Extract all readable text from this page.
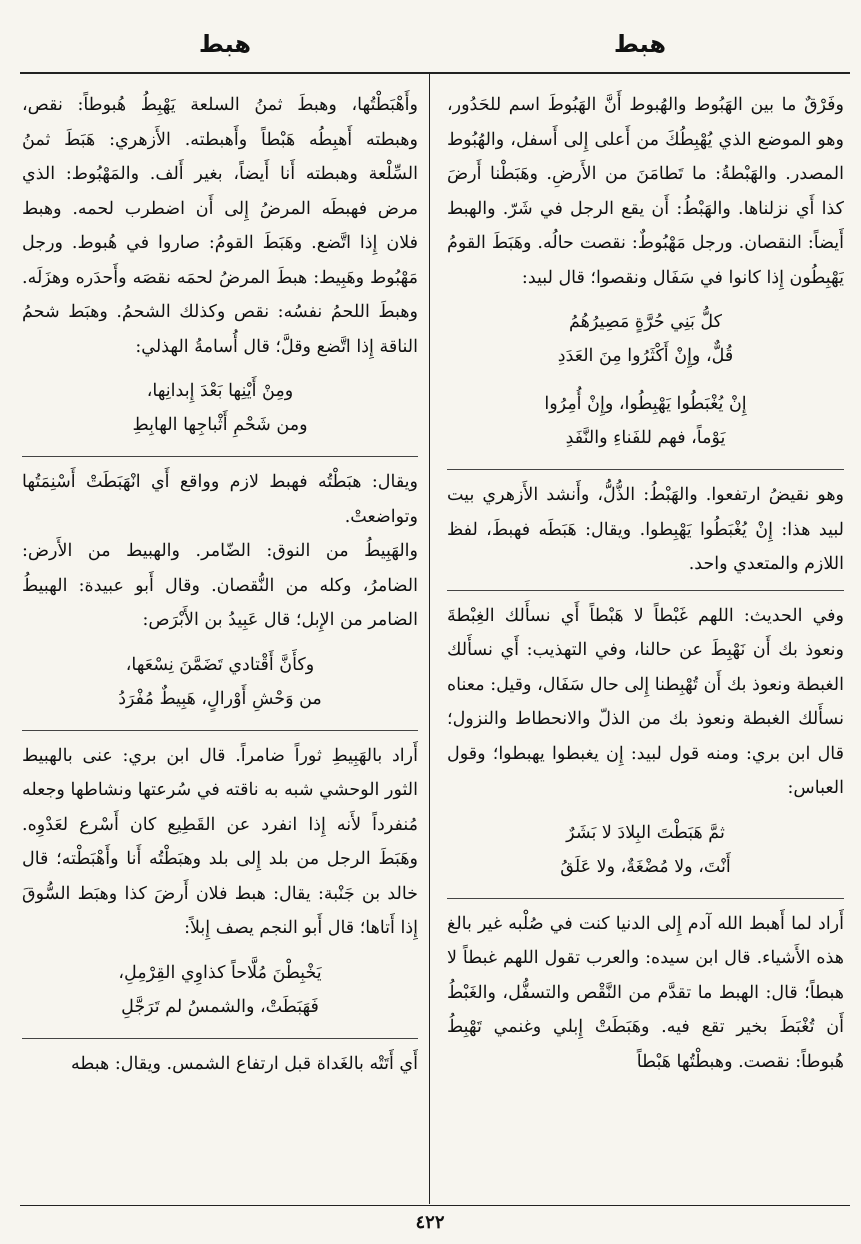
هبط
هبط

وفَرْقٌ ما بين الهَبُوط والهُبوط أَنَّ الهَبُوطَ اسم للحَدُور، وهو الموضع الذي يُهْبِطُكَ من أَعلى إِلى أَسفل، والهُبُوط المصدر. والهَبْطةُ: ما تَطامَنَ من الأَرضِ. وهَبَطْنا أَرضَ كذا أَي نزلناها. والهَبْطُ: أَن يقع الرجل في شَرّ. والهبط أَيضاً: النقصان. ورجل مَهْبُوطٌ: نقصت حالُه. وهَبَطَ القومُ يَهْبِطُون إِذا كانوا في سَفَال ونقصوا؛ قال لبيد:

كلُّ بَنِي حُرَّةٍ مَصِيرُهُمُ
قُلٌّ، وإِنْ أَكْثَرُوا مِنَ العَدَدِ
إِنْ يُغْبَطُوا يَهْبِطُوا، وإِنْ أُمِرُوا
يَوْماً، فهم للفَناءِ والنَّفَدِ

وهو نقيضُ ارتفعوا. والهَبْطُ: الذُّلُّ، وأَنشد الأَزهري بيت لبيد هذا: إِنْ يُغْبَطُوا يَهْبِطوا. ويقال: هَبَطَه فهبطَ، لفظ اللازم والمتعدي واحد.

وفي الحديث: اللهم غَبْطاً لا هَبْطاً أَي نسأَلك الغِبْطةَ ونعوذ بك أَن نَهْبِطَ عن حالنا، وفي التهذيب: أَي نسأَلك الغبطة ونعوذ بك أَن تُهْبِطنا إِلى حال سَفَال، وقيل: معناه نسأَلك الغبطة ونعوذ بك من الذلّ والانحطاط والنزول؛ قال ابن بري: ومنه قول لبيد: إِن يغبطوا يهبطوا؛ وقول العباس:

ثمَّ هَبَطْتَ البِلادَ لا بَشَرٌ
أَنْتَ، ولا مُضْغَةٌ، ولا عَلَقُ

أَراد لما أَهبط الله آدم إِلى الدنيا كنت في صُلْبه غير بالغ هذه الأَشياء. قال ابن سيده: والعرب تقول اللهم غبطاً لا هبطاً؛ قال: الهبط ما تقدَّم من النَّقْص والتسفُّل، والغَبْطُ أَن تُغْبَطَ بخير تقع فيه. وهَبَطَتْ إِبلي وغنمي تَهْبِطُ هُبوطاً: نقصت. وهبطْتُها هَبْطاً

وأَهْبَطْتُها، وهبطَ ثمنُ السلعة يَهْبِطُ هُبوطاً: نقص، وهبطته أَهبِطُه هَبْطاً وأَهبطته. الأَزهري: هَبَطَ ثمنُ السِّلْعة وهبطته أَنا أَيضاً، بغير أَلف. والمَهْبُوط: الذي مرض فهبطَه المرضُ إِلى أَن اضطرب لحمه. وهبط فلان إِذا اتَّضع. وهَبَطَ القومُ: صاروا في هُبوط. ورجل مَهْبُوط وهَبِيط: هبطَ المرضُ لحمَه نقصَه وأَحدَره وهزَلَه. وهبطَ اللحمُ نفسُه: نقص وكذلك الشحمُ. وهبَط شحمُ الناقة إِذا اتَّضع وقلَّ؛ قال أُسامةُ الهذلي:

ومِنْ أَيْنِها بَعْدَ إِبدانِها،
ومن شَحْمِ أَثْباجِها الهابِطِ

ويقال: هبَطْتُه فهبط لازم وواقع أَي انْهَبَطَتْ أَسْنِمَتُها وتواضعتْ.

والهَبِيطُ من النوق: الضّامر. والهبيط من الأَرض: الضامرُ، وكله من النُّقصان. وقال أَبو عبيدة: الهبيطُ الضامر من الإِبل؛ قال عَبِيدُ بن الأَبْرَص:

وكأَنَّ أَقْتادي تَضَمَّنَ نِسْعَها،
من وَحْشِ أَوْرالٍ، هَبِيطٌ مُفْرَدُ

أَراد بالهَبِيطِ ثوراً ضامراً. قال ابن بري: عنى بالهبيط الثور الوحشي شبه به ناقته في سُرعتها ونشاطها وجعله مُنفرداً لأَنه إِذا انفرد عن القَطِيع كان أَسْرع لعَدْوِه. وهَبَطَ الرجل من بلد إِلى بلد وهبَطْتُه أَنا وأَهْبَطْته؛ قال خالد بن جَنْبة: يقال: هبط فلان أَرضَ كذا وهبَط السُّوقَ إِذا أَتاها؛ قال أَبو النجم يصف إِبلاً:

يَخْبِطْنَ مُلَّاحاً كذاوِي القِرْمِلِ،
فَهَبَطَتْ، والشمسُ لم تَرَجَّلِ

أَي أَتَتْه بالغَداة قبل ارتفاع الشمس. ويقال: هبطه

٤٢٢
